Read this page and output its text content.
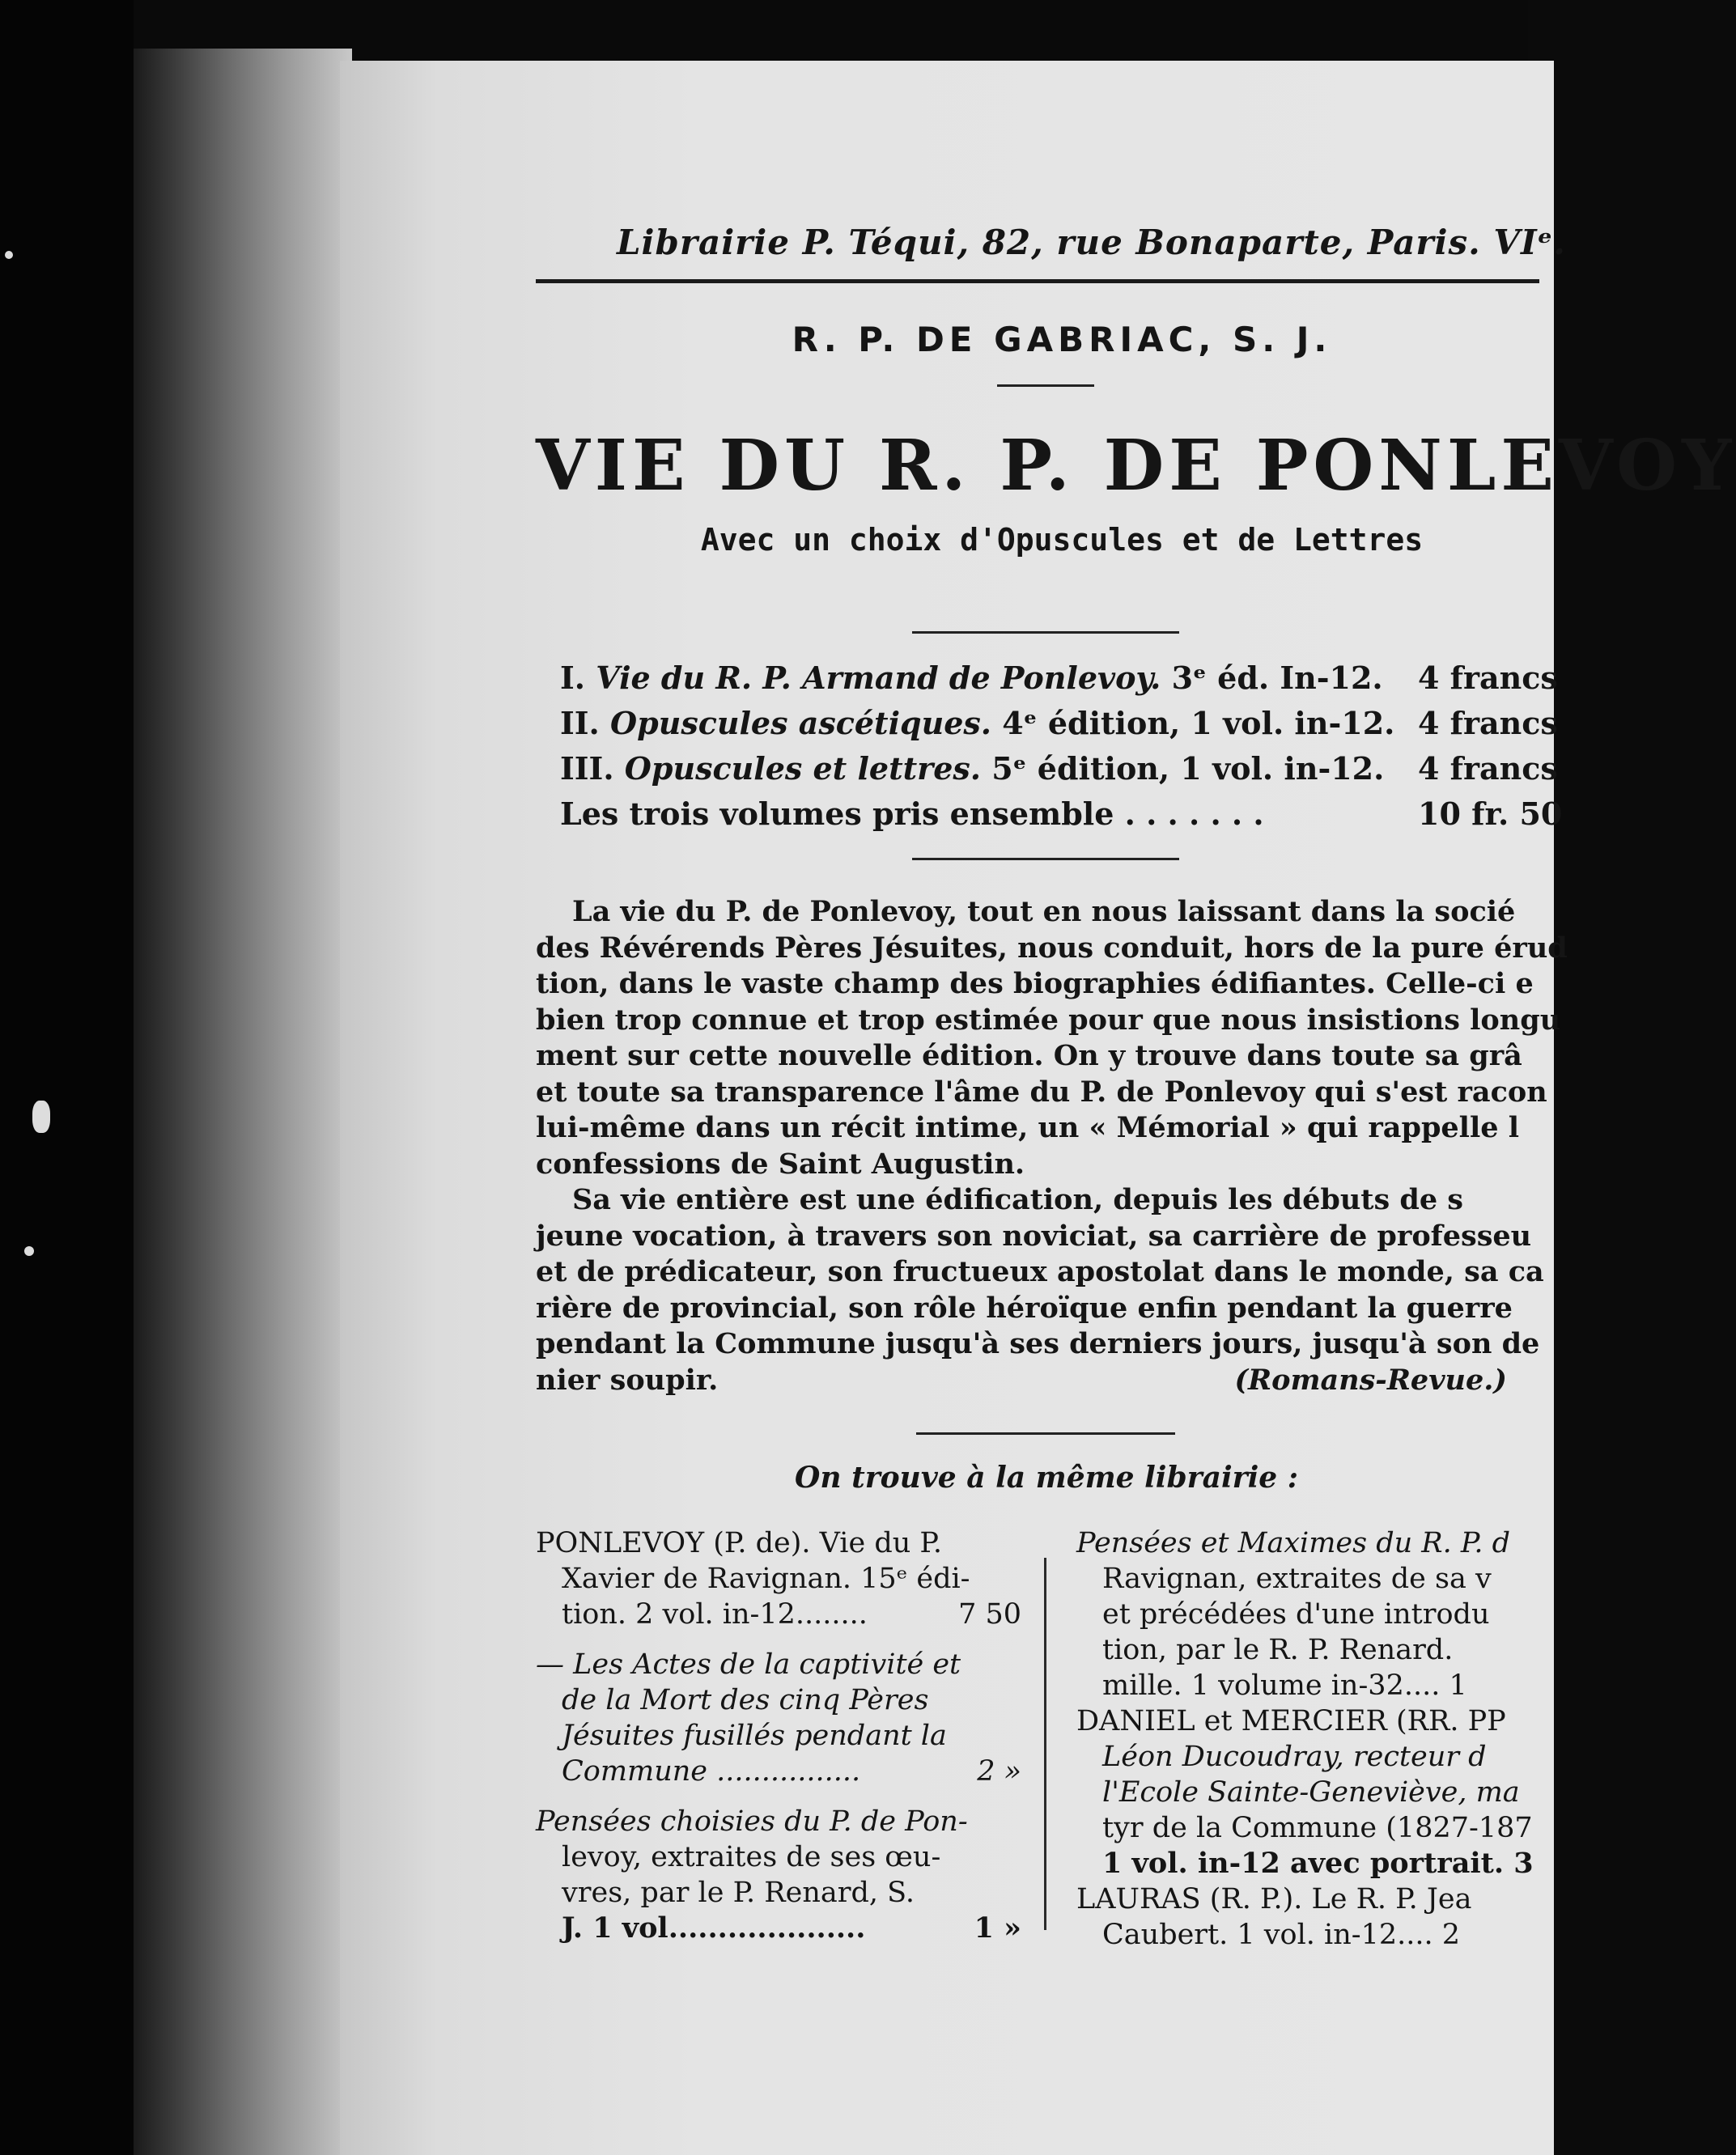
Librairie P. Téqui, 82, rue Bonaparte, Paris. VIᵉ.
R. P. DE GABRIAC, S. J.
VIE DU R. P. DE PONLEVOY
Avec un choix d'Opuscules et de Lettres
I. Vie du R. P. Armand de Ponlevoy. 3ᵉ éd. In-12. 4 francs
II. Opuscules ascétiques. 4ᵉ édition, 1 vol. in-12. 4 francs
III. Opuscules et lettres. 5ᵉ édition, 1 vol. in-12. 4 francs
Les trois volumes pris ensemble . . . . . . .	10 fr. 50

La vie du P. de Ponlevoy, tout en nous laissant dans la socié

des Révérends Pères Jésuites, nous conduit, hors de la pure érud

tion, dans le vaste champ des biographies édifiantes. Celle-ci e

bien trop connue et trop estimée pour que nous insistions longu

ment sur cette nouvelle édition. On y trouve dans toute sa grâ

et toute sa transparence l'âme du P. de Ponlevoy qui s'est racon

lui-même dans un récit intime, un « Mémorial » qui rappelle l

confessions de Saint Augustin.

Sa vie entière est une édification, depuis les débuts de s

jeune vocation, à travers son noviciat, sa carrière de professeu

et de prédicateur, son fructueux apostolat dans le monde, sa ca

rière de provincial, son rôle héroïque enfin pendant la guerre

pendant la Commune jusqu'à ses derniers jours, jusqu'à son de

nier soupir.	(Romans-Revue.)

On trouve à la même librairie :

PONLEVOY (P. de). Vie du P.

Xavier de Ravignan. 15ᵉ édi-

tion. 2 vol. in-12........	7 50

— Les Actes de la captivité et

de la Mort des cinq Pères

Jésuites fusillés pendant la

Commune ................	2 »

Pensées choisies du P. de Pon-

levoy, extraites de ses œu-

vres, par le P. Renard, S.

J. 1 vol....................	1 »

Pensées et Maximes du R. P. d

Ravignan, extraites de sa v

et précédées d'une introdu

tion, par le R. P. Renard.

mille. 1 volume in-32.... 1

DANIEL et MERCIER (RR. PP

Léon Ducoudray, recteur d

l'Ecole Sainte-Geneviève, ma

tyr de la Commune (1827-187

1 vol. in-12 avec portrait. 3

LAURAS (R. P.). Le R. P. Jea

Caubert. 1 vol. in-12.... 2
